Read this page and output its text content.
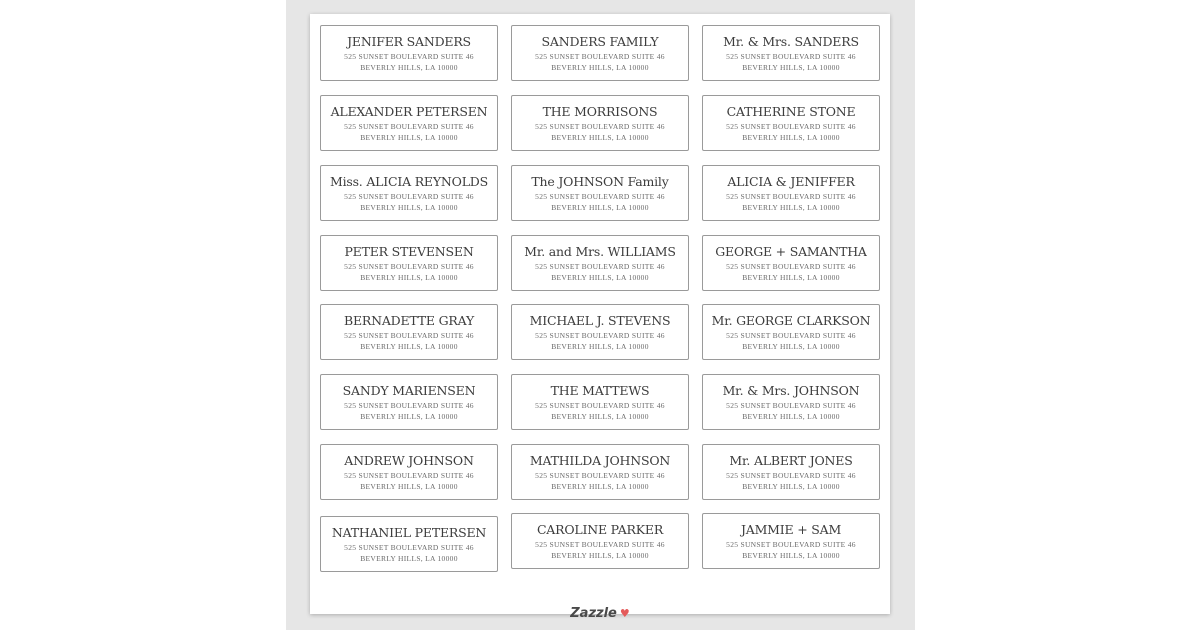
Zazzle ♥
JENIFER SANDERS
525 SUNSET BOULEVARD SUITE 46
BEVERLY HILLS, LA 10000
SANDERS FAMILY
525 SUNSET BOULEVARD SUITE 46
BEVERLY HILLS, LA 10000
Mr. & Mrs. SANDERS
525 SUNSET BOULEVARD SUITE 46
BEVERLY HILLS, LA 10000
ALEXANDER PETERSEN
525 SUNSET BOULEVARD SUITE 46
BEVERLY HILLS, LA 10000
THE MORRISONS
525 SUNSET BOULEVARD SUITE 46
BEVERLY HILLS, LA 10000
CATHERINE STONE
525 SUNSET BOULEVARD SUITE 46
BEVERLY HILLS, LA 10000
Miss. ALICIA REYNOLDS
525 SUNSET BOULEVARD SUITE 46
BEVERLY HILLS, LA 10000
The JOHNSON Family
525 SUNSET BOULEVARD SUITE 46
BEVERLY HILLS, LA 10000
ALICIA & JENIFFER
525 SUNSET BOULEVARD SUITE 46
BEVERLY HILLS, LA 10000
PETER STEVENSEN
525 SUNSET BOULEVARD SUITE 46
BEVERLY HILLS, LA 10000
Mr. and Mrs. WILLIAMS
525 SUNSET BOULEVARD SUITE 46
BEVERLY HILLS, LA 10000
GEORGE + SAMANTHA
525 SUNSET BOULEVARD SUITE 46
BEVERLY HILLS, LA 10000
BERNADETTE GRAY
525 SUNSET BOULEVARD SUITE 46
BEVERLY HILLS, LA 10000
MICHAEL J. STEVENS
525 SUNSET BOULEVARD SUITE 46
BEVERLY HILLS, LA 10000
Mr. GEORGE CLARKSON
525 SUNSET BOULEVARD SUITE 46
BEVERLY HILLS, LA 10000
SANDY MARIENSEN
525 SUNSET BOULEVARD SUITE 46
BEVERLY HILLS, LA 10000
THE MATTEWS
525 SUNSET BOULEVARD SUITE 46
BEVERLY HILLS, LA 10000
Mr. & Mrs. JOHNSON
525 SUNSET BOULEVARD SUITE 46
BEVERLY HILLS, LA 10000
ANDREW JOHNSON
525 SUNSET BOULEVARD SUITE 46
BEVERLY HILLS, LA 10000
MATHILDA JOHNSON
525 SUNSET BOULEVARD SUITE 46
BEVERLY HILLS, LA 10000
Mr. ALBERT JONES
525 SUNSET BOULEVARD SUITE 46
BEVERLY HILLS, LA 10000
NATHANIEL PETERSEN
525 SUNSET BOULEVARD SUITE 46
BEVERLY HILLS, LA 10000
CAROLINE PARKER
525 SUNSET BOULEVARD SUITE 46
BEVERLY HILLS, LA 10000
JAMMIE + SAM
525 SUNSET BOULEVARD SUITE 46
BEVERLY HILLS, LA 10000
